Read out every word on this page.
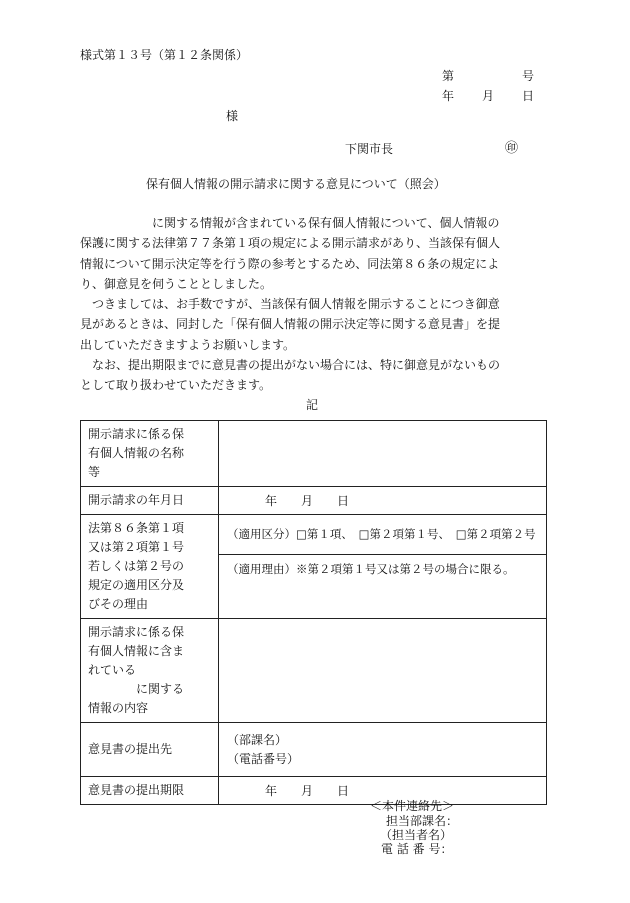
様式第１３号（第１２条関係）
第	号
年 月 日
様
下関市長	㊞
保有個人情報の開示請求に関する意見について（照会）
　　　　　　に関する情報が含まれている保有個人情報について、個人情報の
保護に関する法律第７７条第１項の規定による開示請求があり、当該保有個人
情報について開示決定等を行う際の参考とするため、同法第８６条の規定によ
り、御意見を伺うこととしました。
　つきましては、お手数ですが、当該保有個人情報を開示することにつき御意
見があるときは、同封した「保有個人情報の開示決定等に関する意見書」を提
出していただきますようお願いします。
　なお、提出期限までに意見書の提出がない場合には、特に御意見がないもの
として取り扱わせていただきます。
記
開示請求に係る保
有個人情報の名称
等	

開示請求の年月日	年　　月　　日

法第８６条第１項
又は第２項第１号
若しくは第２号の
規定の適用区分及
びその理由	（適用区分）□第１項、　□第２項第１号、　□第２項第２号
	（適用理由）※第２項第１号又は第２号の場合に限る。

開示請求に係る保
有個人情報に含ま
れている
　　　　に関する
情報の内容	

意見書の提出先	（部課名）
（電話番号）

意見書の提出期限	年　　月　　日
＜本件連絡先＞
担当部課名：
（担当者名）
電 話 番 号：
